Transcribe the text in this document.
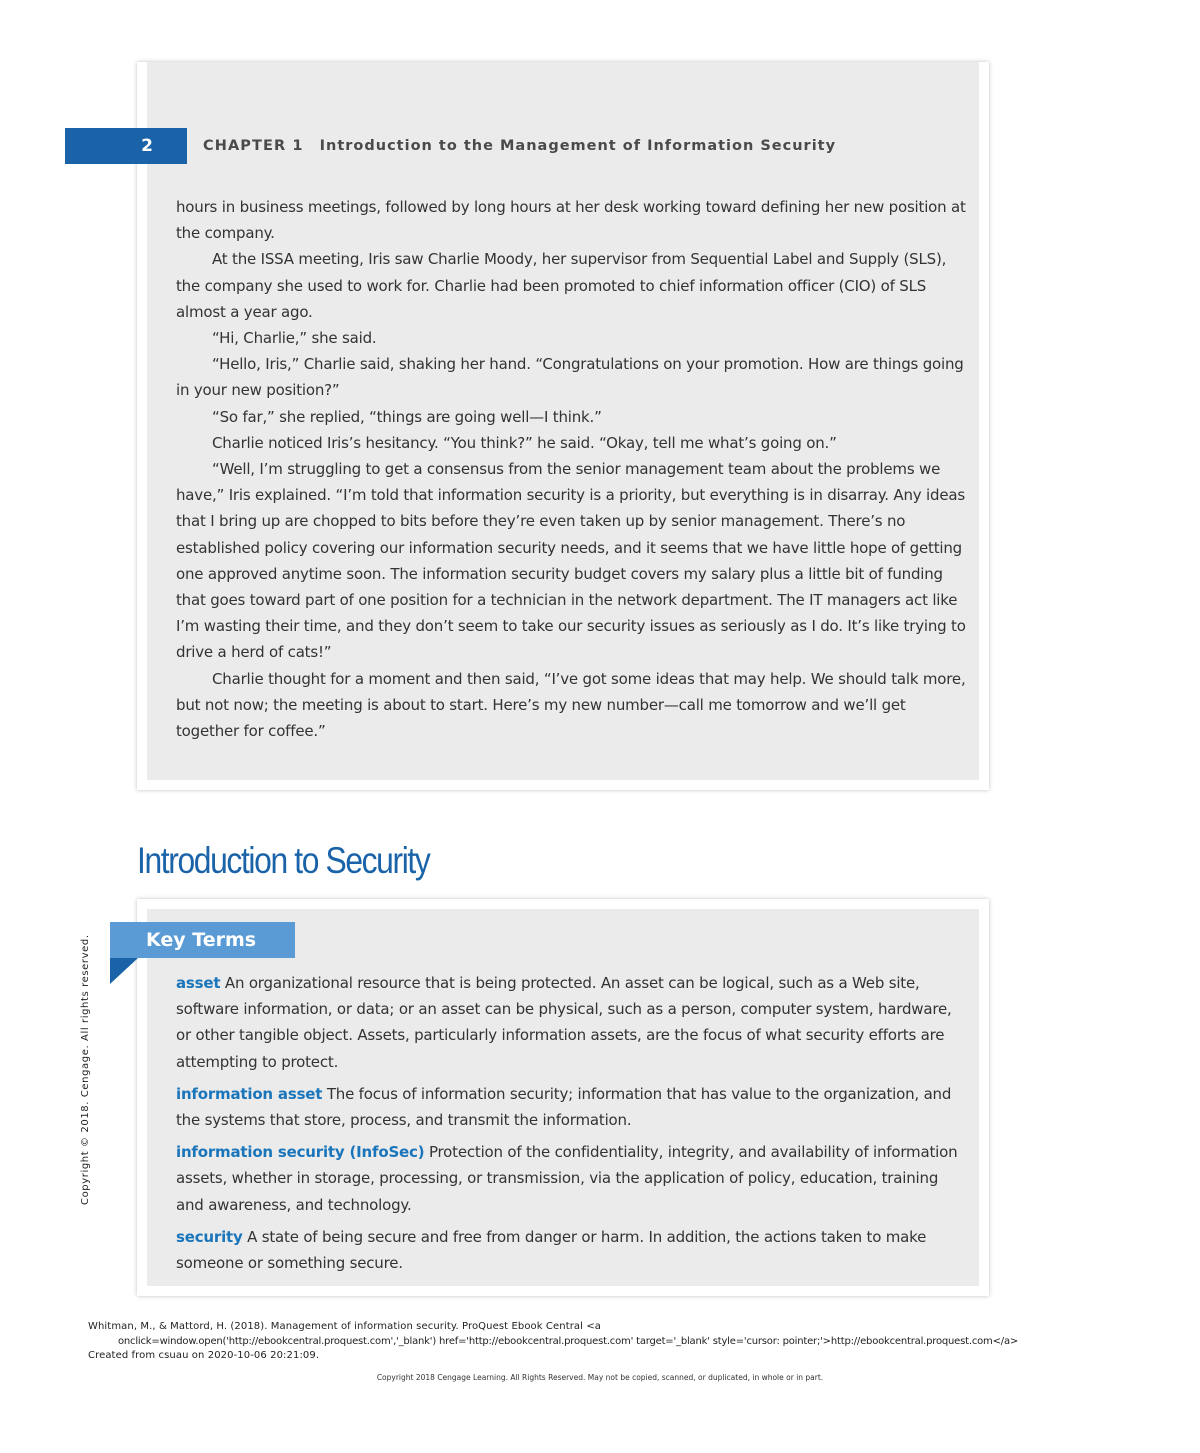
2	CHAPTER 1 Introduction to the Management of Information Security

hours in business meetings, followed by long hours at her desk working toward defining her new position at the company.

At the ISSA meeting, Iris saw Charlie Moody, her supervisor from Sequential Label and Supply (SLS), the company she used to work for. Charlie had been promoted to chief information officer (CIO) of SLS almost a year ago.

“Hi, Charlie,” she said.

“Hello, Iris,” Charlie said, shaking her hand. “Congratulations on your promotion. How are things going in your new position?”

“So far,” she replied, “things are going well—I think.”

Charlie noticed Iris’s hesitancy. “You think?” he said. “Okay, tell me what’s going on.”

“Well, I’m struggling to get a consensus from the senior management team about the problems we have,” Iris explained. “I’m told that information security is a priority, but everything is in disarray. Any ideas that I bring up are chopped to bits before they’re even taken up by senior management. There’s no established policy covering our information security needs, and it seems that we have little hope of getting one approved anytime soon. The information security budget covers my salary plus a little bit of funding that goes toward part of one position for a technician in the network department. The IT managers act like I’m wasting their time, and they don’t seem to take our security issues as seriously as I do. It’s like trying to drive a herd of cats!”

Charlie thought for a moment and then said, “I’ve got some ideas that may help. We should talk more, but not now; the meeting is about to start. Here’s my new number—call me tomorrow and we’ll get together for coffee.”

Introduction to Security
Key Terms

asset An organizational resource that is being protected. An asset can be logical, such as a Web site, software information, or data; or an asset can be physical, such as a person, computer system, hardware, or other tangible object. Assets, particularly information assets, are the focus of what security efforts are attempting to protect.

information asset The focus of information security; information that has value to the organization, and the systems that store, process, and transmit the information.

information security (InfoSec) Protection of the confidentiality, integrity, and availability of information assets, whether in storage, processing, or transmission, via the application of policy, education, training and awareness, and technology.

security A state of being secure and free from danger or harm. In addition, the actions taken to make someone or something secure.

Copyright © 2018. Cengage. All rights reserved.
Whitman, M., & Mattord, H. (2018). Management of information security. ProQuest Ebook Central <a
onclick=window.open('http://ebookcentral.proquest.com','_blank') href='http://ebookcentral.proquest.com' target='_blank' style='cursor: pointer;'>http://ebookcentral.proquest.com</a>
Created from csuau on 2020-10-06 20:21:09.
Copyright 2018 Cengage Learning. All Rights Reserved. May not be copied, scanned, or duplicated, in whole or in part.
